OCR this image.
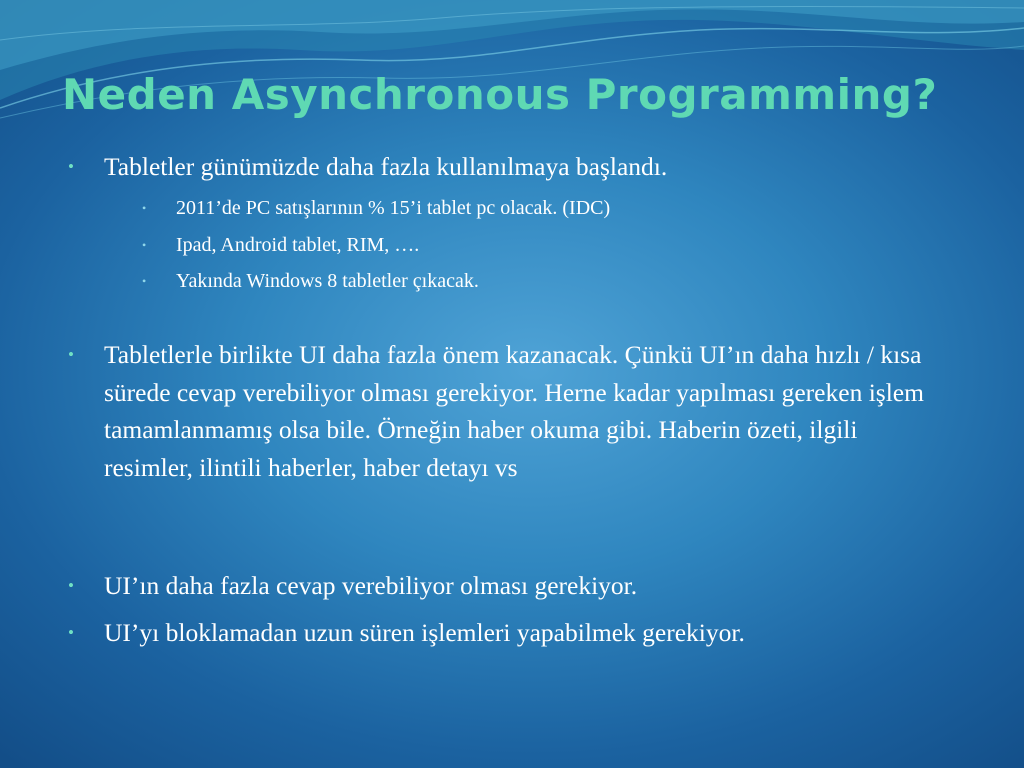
Neden Asynchronous Programming?
• Tabletler günümüzde daha fazla kullanılmaya başlandı.
• 2011’de PC satışlarının % 15’i tablet pc olacak. (IDC)
• Ipad, Android tablet, RIM, ….
• Yakında Windows 8 tabletler çıkacak.
• Tabletlerle birlikte UI daha fazla önem kazanacak. Çünkü UI’ın daha hızlı / kısa sürede cevap verebiliyor olması gerekiyor. Herne kadar yapılması gereken işlem tamamlanmamış olsa bile. Örneğin haber okuma gibi. Haberin özeti, ilgili resimler, ilintili haberler, haber detayı vs
• UI’ın daha fazla cevap verebiliyor olması gerekiyor.
• UI’yı bloklamadan uzun süren işlemleri yapabilmek gerekiyor.
